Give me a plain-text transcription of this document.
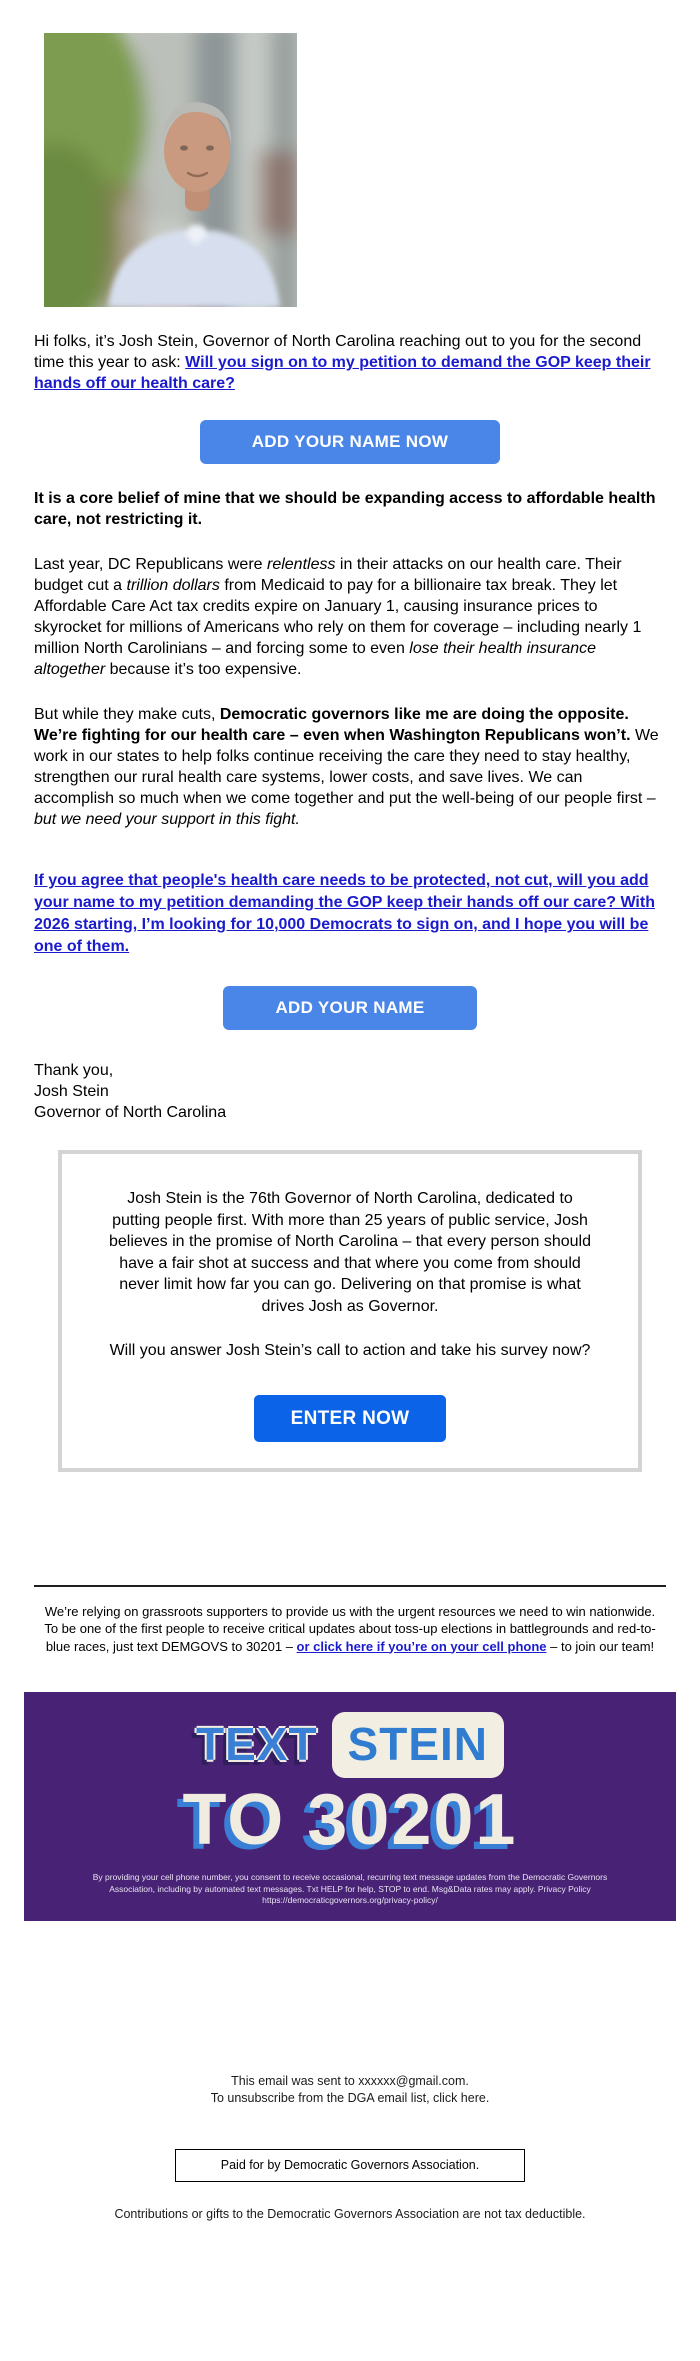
Hi folks, it’s Josh Stein, Governor of North Carolina reaching out to you for the second time this year to ask: Will you sign on to my petition to demand the GOP keep their hands off our health care?

ADD YOUR NAME NOW

It is a core belief of mine that we should be expanding access to affordable health care, not restricting it.

Last year, DC Republicans were relentless in their attacks on our health care. Their budget cut a trillion dollars from Medicaid to pay for a billionaire tax break. They let Affordable Care Act tax credits expire on January 1, causing insurance prices to skyrocket for millions of Americans who rely on them for coverage – including nearly 1 million North Carolinians – and forcing some to even lose their health insurance altogether because it’s too expensive.

But while they make cuts, Democratic governors like me are doing the opposite. We’re fighting for our health care – even when Washington Republicans won’t. We work in our states to help folks continue receiving the care they need to stay healthy, strengthen our rural health care systems, lower costs, and save lives. We can accomplish so much when we come together and put the well-being of our people first – but we need your support in this fight.

If you agree that people's health care needs to be protected, not cut, will you add your name to my petition demanding the GOP keep their hands off our care? With 2026 starting, I’m looking for 10,000 Democrats to sign on, and I hope you will be one of them.

ADD YOUR NAME
Thank you,
Josh Stein
Governor of North Carolina

Josh Stein is the 76th Governor of North Carolina, dedicated to putting people first. With more than 25 years of public service, Josh believes in the promise of North Carolina – that every person should have a fair shot at success and that where you come from should never limit how far you can go. Delivering on that promise is what drives Josh as Governor.

Will you answer Josh Stein’s call to action and take his survey now?

ENTER NOW

We’re relying on grassroots supporters to provide us with the urgent resources we need to win nationwide. To be one of the first people to receive critical updates about toss-up elections in battlegrounds and red-to-blue races, just text DEMGOVS to 30201 – or click here if you’re on your cell phone – to join our team!

TEXT STEIN
TO 30201

By providing your cell phone number, you consent to receive occasional, recurring text message updates from the Democratic Governors Association, including by automated text messages. Txt HELP for help, STOP to end. Msg&Data rates may apply. Privacy Policy https://democraticgovernors.org/privacy-policy/

This email was sent to xxxxxx@gmail.com.

To unsubscribe from the DGA email list, click here.

Paid for by Democratic Governors Association.

Contributions or gifts to the Democratic Governors Association are not tax deductible.
